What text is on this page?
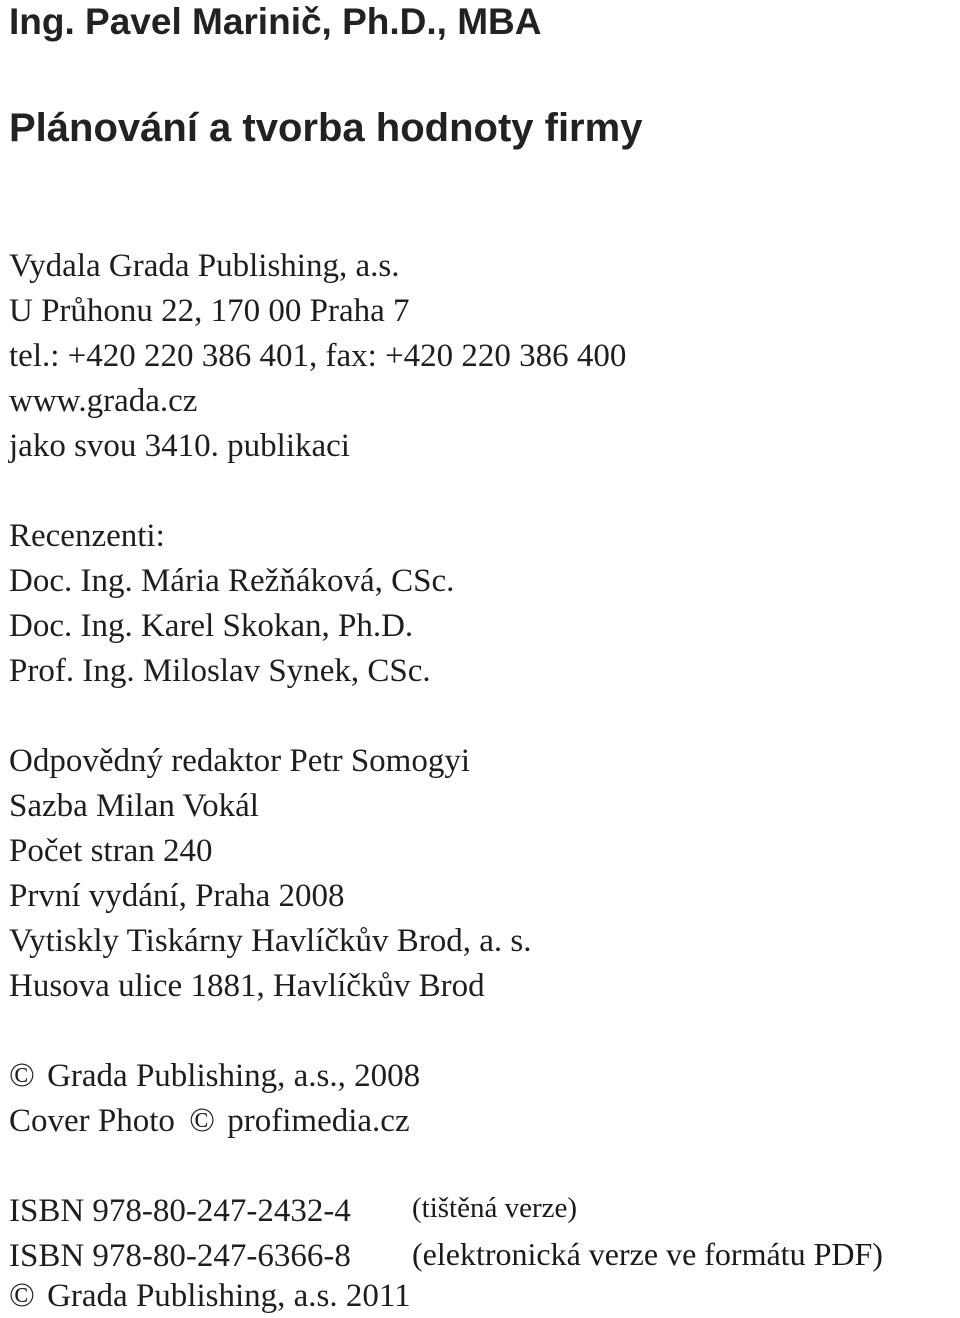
Ing. Pavel Marinič, Ph.D., MBA
Plánování a tvorba hodnoty firmy
Vydala Grada Publishing, a.s.
U Průhonu 22, 170 00 Praha 7
tel.: +420 220 386 401, fax: +420 220 386 400
www.grada.cz
jako svou 3410. publikaci
Recenzenti:
Doc. Ing. Mária Režňáková, CSc.
Doc. Ing. Karel Skokan, Ph.D.
Prof. Ing. Miloslav Synek, CSc.
Odpovědný redaktor Petr Somogyi
Sazba Milan Vokál
Počet stran 240
První vydání, Praha 2008
Vytiskly Tiskárny Havlíčkův Brod, a. s.
Husova ulice 1881, Havlíčkův Brod
© Grada Publishing, a.s., 2008
Cover Photo © profimedia.cz
ISBN 978-80-247-2432-4 (tištěná verze)
ISBN 978-80-247-6366-8 (elektronická verze ve formátu PDF)
© Grada Publishing, a.s. 2011
